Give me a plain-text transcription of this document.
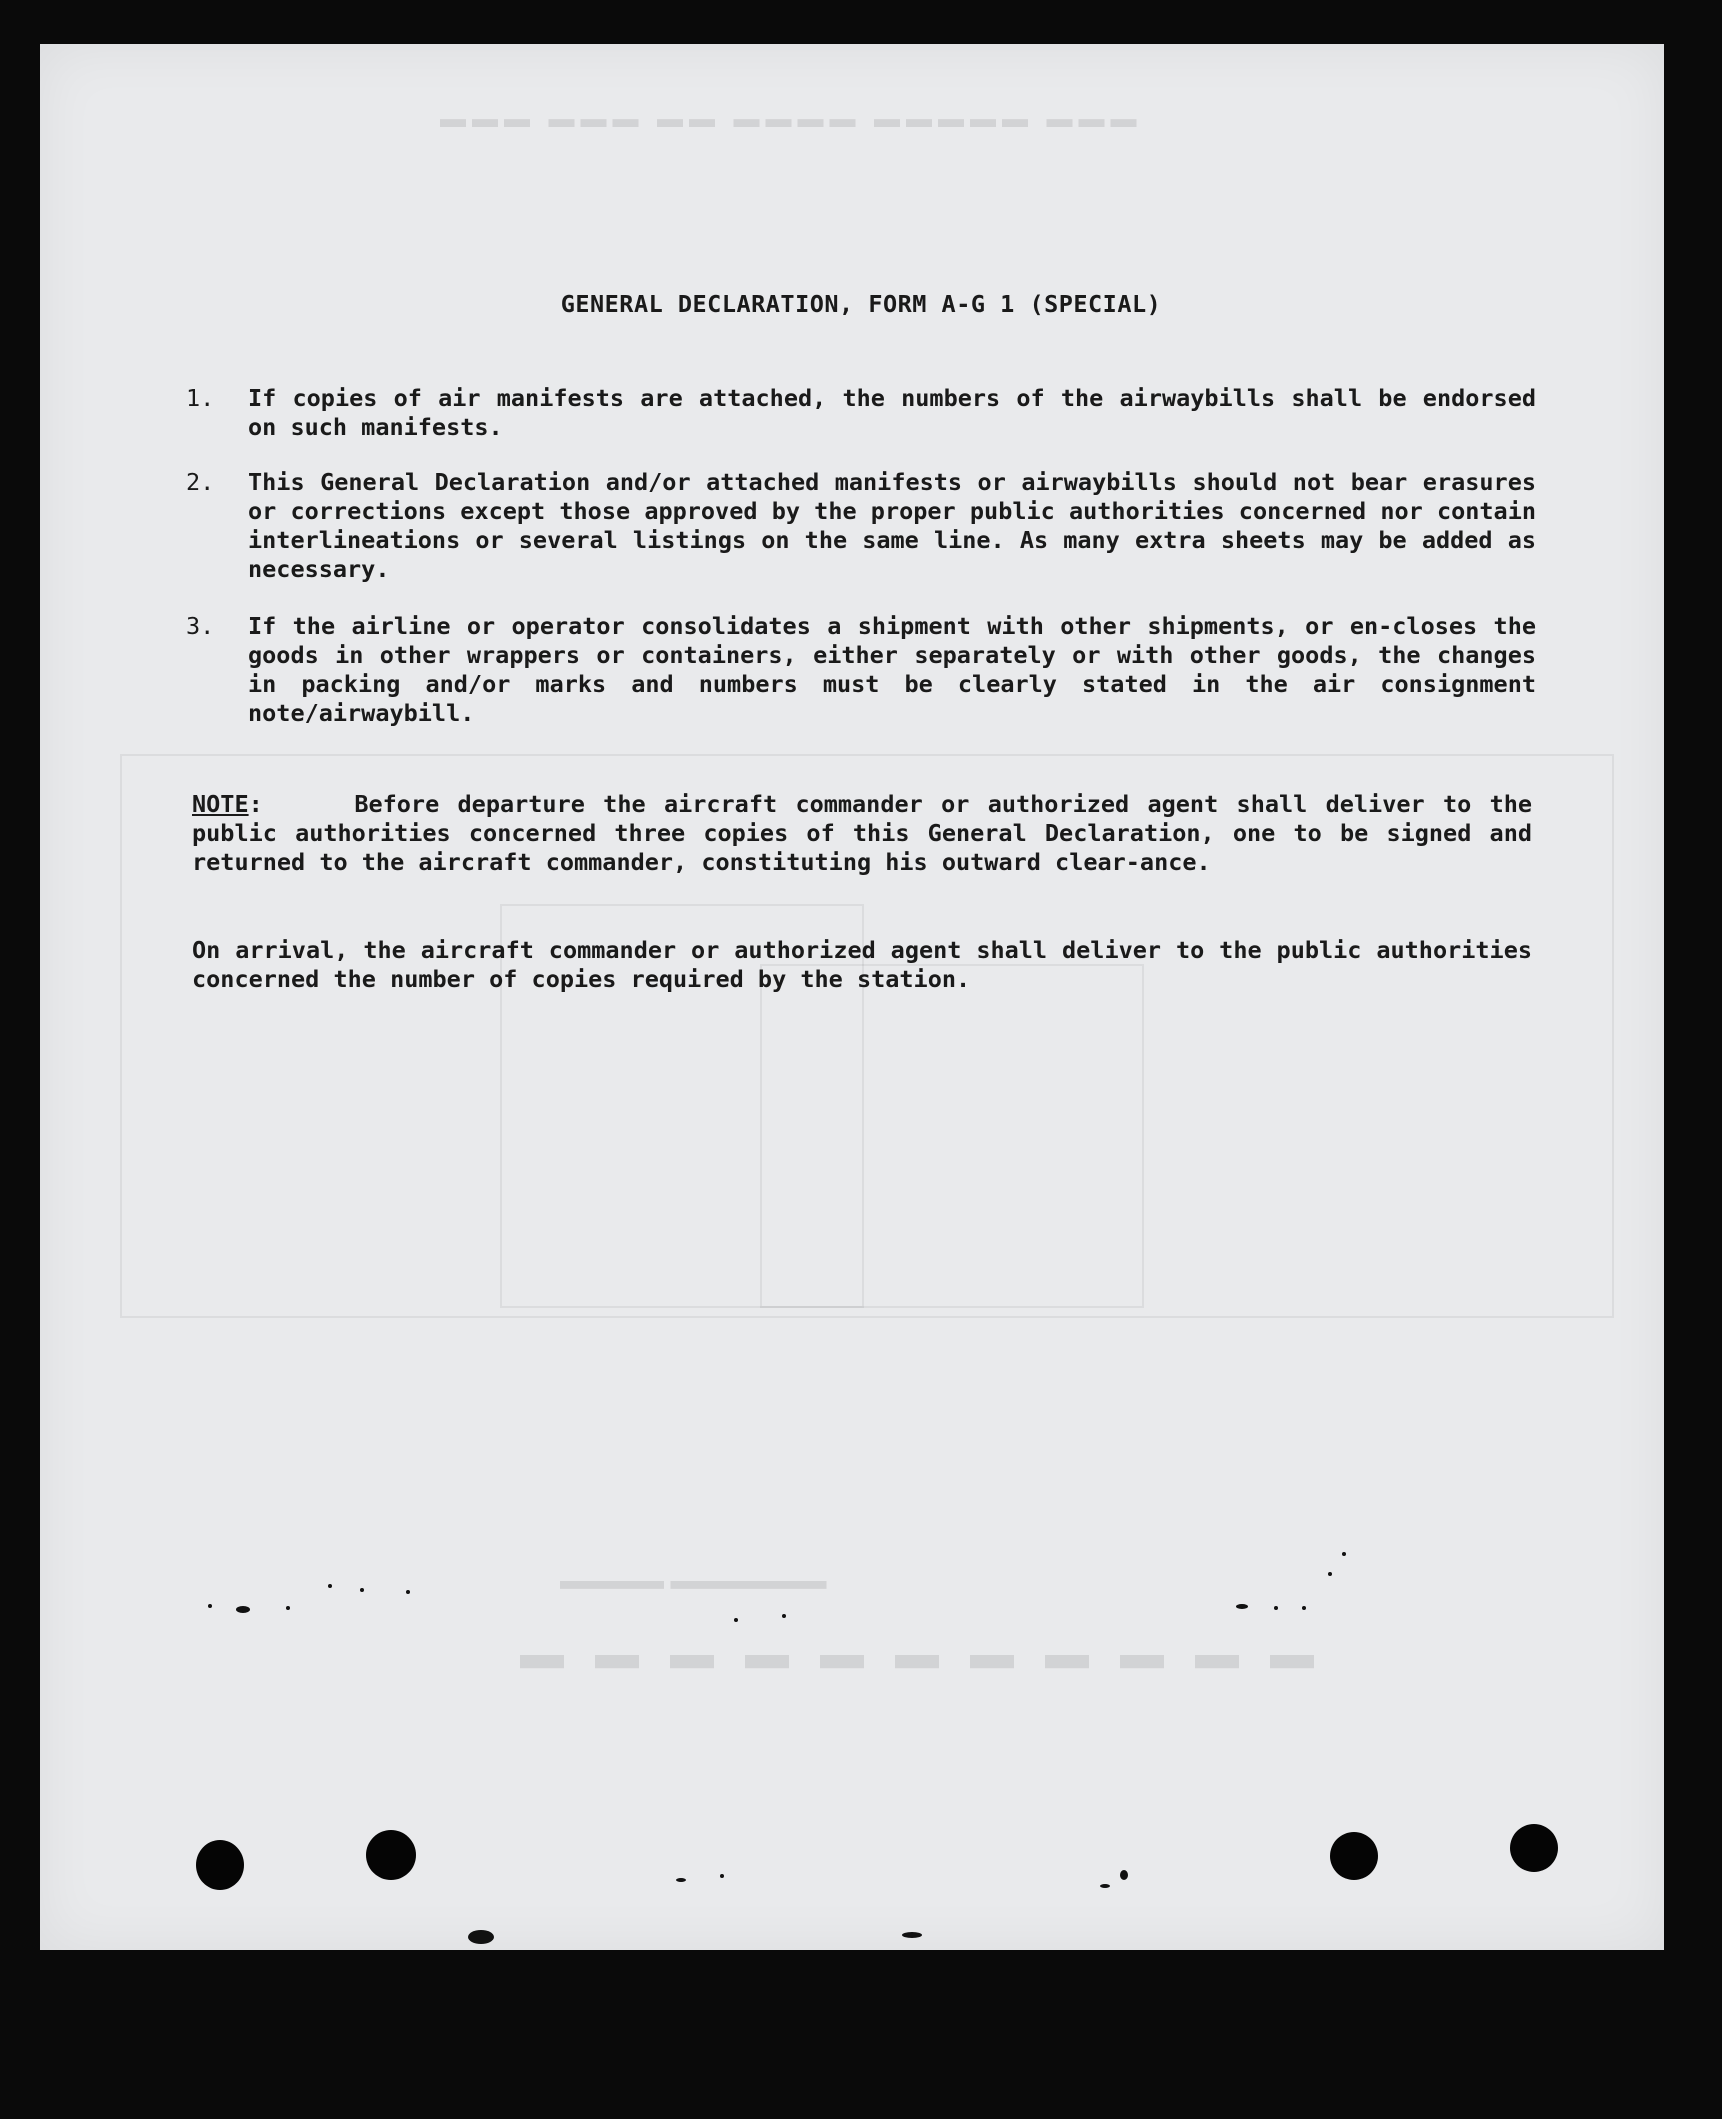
▬▬▬ ▬▬▬ ▬▬ ▬▬▬▬ ▬▬▬▬▬ ▬▬▬
▬ ▬ ▬ ▬ ▬ ▬ ▬ ▬ ▬ ▬ ▬
▬▬▬▬ ▬▬▬▬▬▬
GENERAL DECLARATION, FORM A-G 1 (SPECIAL)
1. If copies of air manifests are attached, the numbers of the airwaybills shall be endorsed on such manifests.
2. This General Declaration and/or attached manifests or airwaybills should not bear erasures or corrections except those approved by the proper public authorities concerned nor contain interlineations or several listings on the same line. As many extra sheets may be added as necessary.
3. If the airline or operator consolidates a shipment with other shipments, or en-closes the goods in other wrappers or containers, either separately or with other goods, the changes in packing and/or marks and numbers must be clearly stated in the air consignment note/airwaybill.
NOTE:     Before departure the aircraft commander or authorized agent shall deliver to the public authorities concerned three copies of this General Declaration, one to be signed and returned to the aircraft commander, constituting his outward clear-ance.
On arrival, the aircraft commander or authorized agent shall deliver to the public authorities concerned the number of copies required by the station.
